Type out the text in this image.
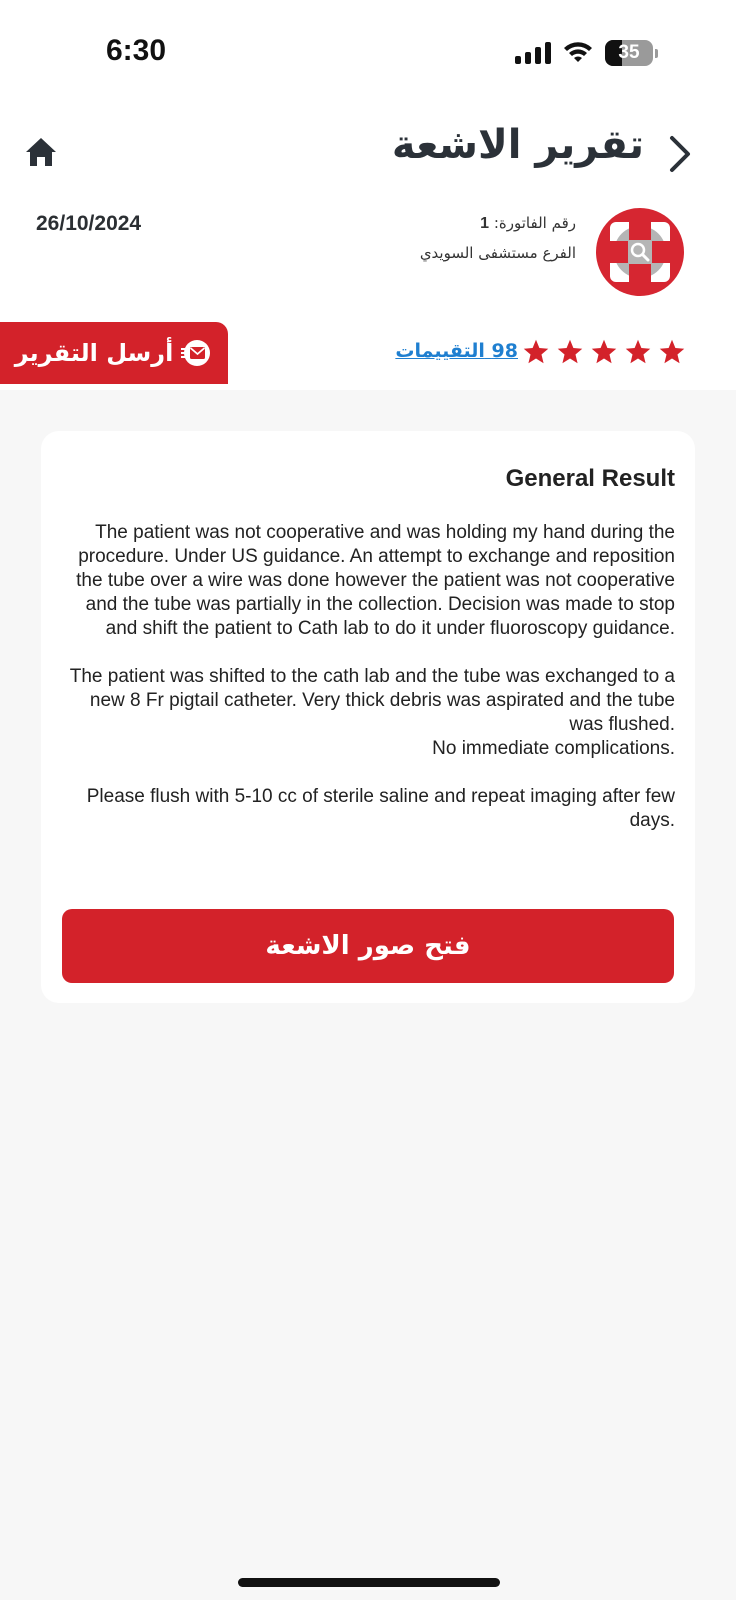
6:30	35
تقرير الاشعة
26/10/2024	رقم الفاتورة: 1
الفرع مستشفى السويدي
أرسل التقرير	98 التقييمات
General Result

The patient was not cooperative and was holding my hand during the procedure. Under US guidance. An attempt to exchange and reposition the tube over a wire was done however the patient was not cooperative and the tube was partially in the collection. Decision was made to stop and shift the patient to Cath lab to do it under fluoroscopy guidance.

The patient was shifted to the cath lab and the tube was exchanged to a new 8 Fr pigtail catheter. Very thick debris was aspirated and the tube was flushed.
No immediate complications.

Please flush with 5-10 cc of sterile saline and repeat imaging after few days.

فتح صور الاشعة
